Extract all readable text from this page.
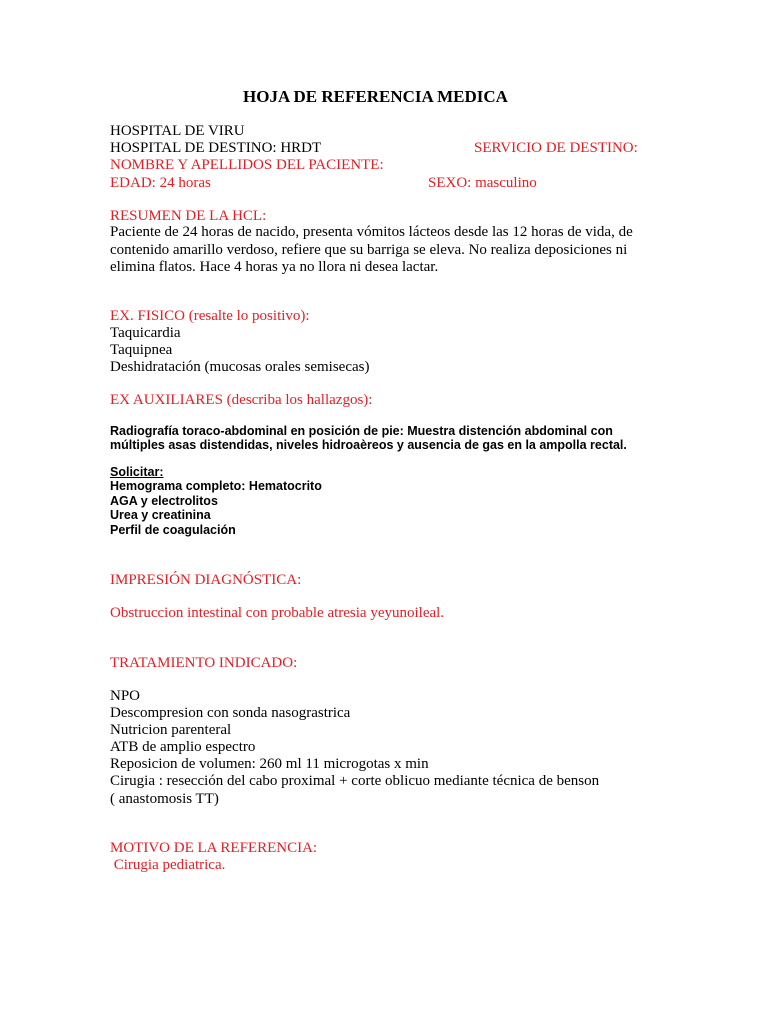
HOJA DE REFERENCIA MEDICA
HOSPITAL DE VIRU
HOSPITAL DE DESTINO: HRDT	SERVICIO DE DESTINO:
NOMBRE Y APELLIDOS DEL PACIENTE:
EDAD: 24 horas	SEXO: masculino
RESUMEN DE LA HCL:
Paciente de 24 horas de nacido, presenta vómitos lácteos desde las 12 horas de vida, de
contenido amarillo verdoso, refiere que su barriga se eleva. No realiza deposiciones ni
elimina flatos. Hace 4 horas ya no llora ni desea lactar.
EX. FISICO (resalte lo positivo):
Taquicardia
Taquipnea
Deshidratación (mucosas orales semisecas)
EX AUXILIARES (describa los hallazgos):
Radiografía toraco-abdominal en posición de pie: Muestra distención abdominal con
múltiples asas distendidas, niveles hidroaèreos y ausencia de gas en la ampolla rectal.
Solicitar:
Hemograma completo: Hematocrito
AGA y electrolitos
Urea y creatinina
Perfil de coagulación
IMPRESIÓN DIAGNÓSTICA:
Obstruccion intestinal con probable atresia yeyunoileal.
TRATAMIENTO INDICADO:
NPO
Descompresion con sonda nasograstrica
Nutricion parenteral
ATB de amplio espectro
Reposicion de volumen: 260 ml 11 microgotas x min
Cirugia : resección del cabo proximal + corte oblicuo mediante técnica de benson
( anastomosis TT)
MOTIVO DE LA REFERENCIA:
Cirugia pediatrica.
